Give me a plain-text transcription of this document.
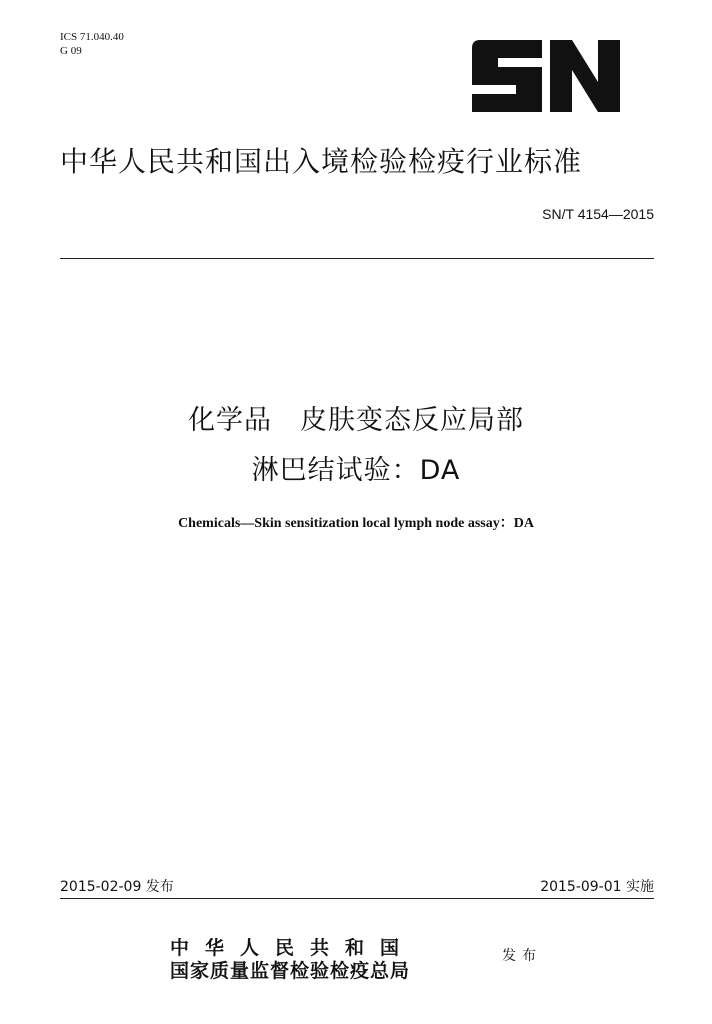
ICS 71.040.40
G 09
中华人民共和国出入境检验检疫行业标准
SN/T 4154—2015
化学品　皮肤变态反应局部
淋巴结试验：DA
Chemicals—Skin sensitization local lymph node assay：DA
2015-02-09 发布	2015-09-01 实施
中华人民共和国
国家质量监督检验检疫总局
发布
